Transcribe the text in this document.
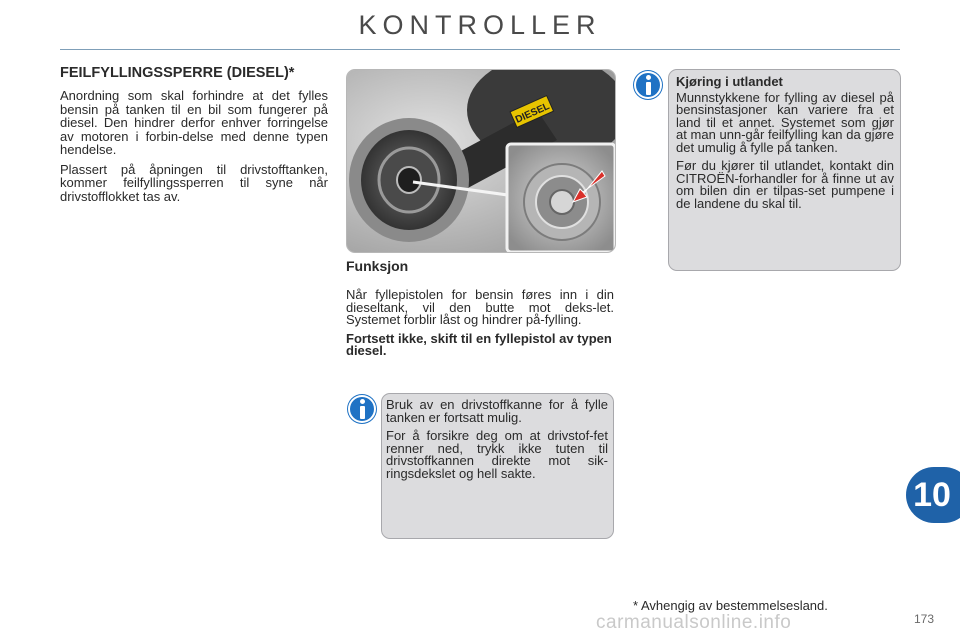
KONTROLLER
FEILFYLLINGSSPERRE (DIESEL)*

Anordning som skal forhindre at det fylles bensin på tanken til en bil som fungerer på diesel. Den hindrer derfor enhver forringelse av motoren i forbin-delse med denne typen hendelse.

Plassert på åpningen til drivstofftanken, kommer feilfyllingssperren til syne når drivstofflokket tas av.

DIESEL
Funksjon

Når fyllepistolen for bensin føres inn i din dieseltank, vil den butte mot deks-let. Systemet forblir låst og hindrer på-fylling.

Fortsett ikke, skift til en fyllepistol av typen diesel.

Kjøring i utlandet

Munnstykkene for fylling av diesel på bensinstasjoner kan variere fra et land til et annet. Systemet som gjør at man unn-går feilfylling kan da gjøre det umulig å fylle på tanken.

Før du kjører til utlandet, kontakt din CITROËN-forhandler for å finne ut av om bilen din er tilpas-set pumpene i de landene du skal til.

Bruk av en drivstoffkanne for å fylle tanken er fortsatt mulig.

For å forsikre deg om at drivstof-fet renner ned, trykk ikke tuten til drivstoffkannen direkte mot sik-ringsdekslet og hell sakte.

* Avhengig av bestemmelsesland.
10
carmanualsonline.info	173
